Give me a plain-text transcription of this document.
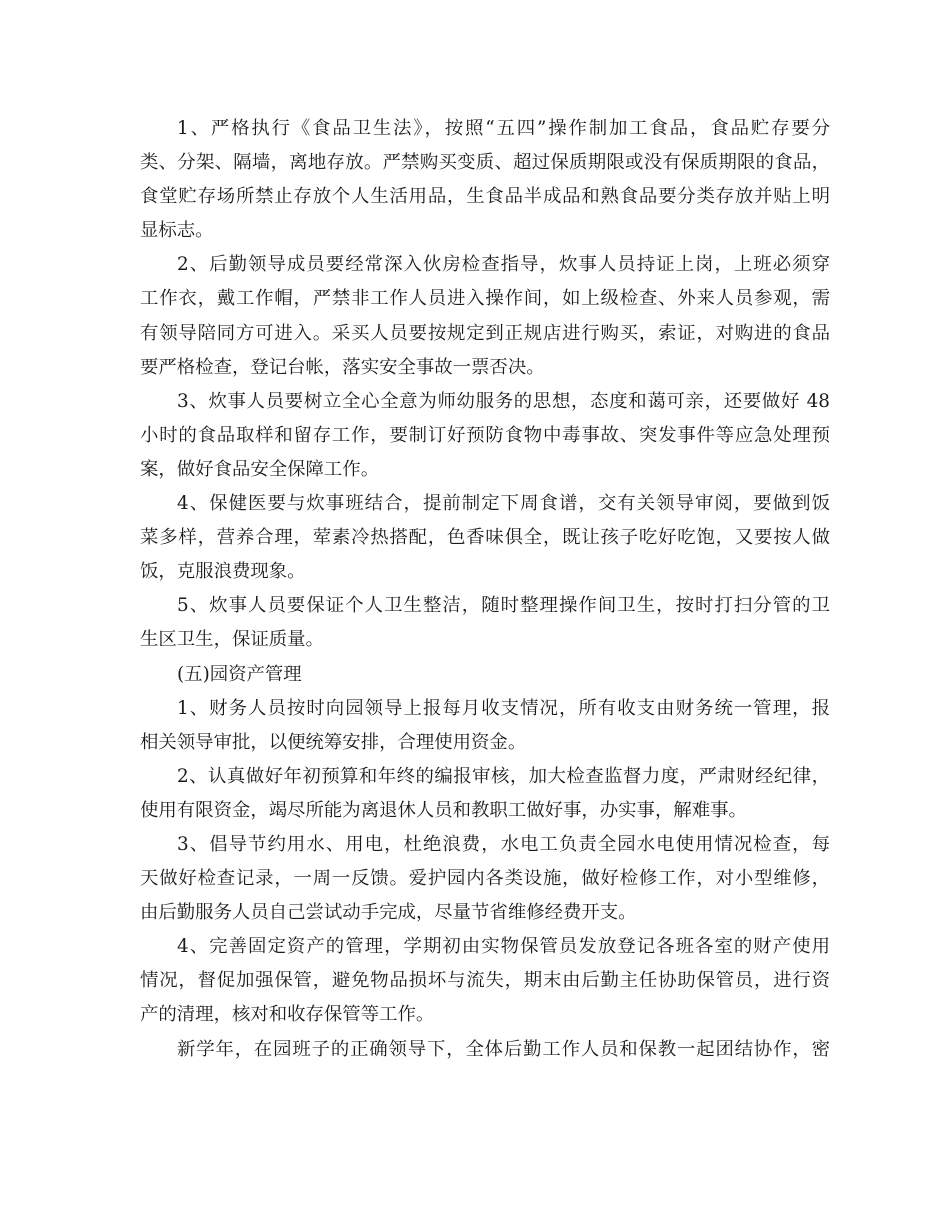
1、严格执行《食品卫生法》，按照“五四”操作制加工食品，食品贮存要分
类、分架、隔墙，离地存放。严禁购买变质、超过保质期限或没有保质期限的食品，
食堂贮存场所禁止存放个人生活用品，生食品半成品和熟食品要分类存放并贴上明
显标志。
2、后勤领导成员要经常深入伙房检查指导，炊事人员持证上岗，上班必须穿
工作衣，戴工作帽，严禁非工作人员进入操作间，如上级检查、外来人员参观，需
有领导陪同方可进入。采买人员要按规定到正规店进行购买，索证，对购进的食品
要严格检查，登记台帐，落实安全事故一票否决。
3、炊事人员要树立全心全意为师幼服务的思想，态度和蔼可亲，还要做好 48
小时的食品取样和留存工作，要制订好预防食物中毒事故、突发事件等应急处理预
案，做好食品安全保障工作。
4、保健医要与炊事班结合，提前制定下周食谱，交有关领导审阅，要做到饭
菜多样，营养合理，荤素冷热搭配，色香味俱全，既让孩子吃好吃饱，又要按人做
饭，克服浪费现象。
5、炊事人员要保证个人卫生整洁，随时整理操作间卫生，按时打扫分管的卫
生区卫生，保证质量。
(五)园资产管理
1、财务人员按时向园领导上报每月收支情况，所有收支由财务统一管理，报
相关领导审批，以便统筹安排，合理使用资金。
2、认真做好年初预算和年终的编报审核，加大检查监督力度，严肃财经纪律，
使用有限资金，竭尽所能为离退休人员和教职工做好事，办实事，解难事。
3、倡导节约用水、用电，杜绝浪费，水电工负责全园水电使用情况检查，每
天做好检查记录，一周一反馈。爱护园内各类设施，做好检修工作，对小型维修，
由后勤服务人员自己尝试动手完成，尽量节省维修经费开支。
4、完善固定资产的管理，学期初由实物保管员发放登记各班各室的财产使用
情况，督促加强保管，避免物品损坏与流失，期末由后勤主任协助保管员，进行资
产的清理，核对和收存保管等工作。
新学年，在园班子的正确领导下，全体后勤工作人员和保教一起团结协作，密
